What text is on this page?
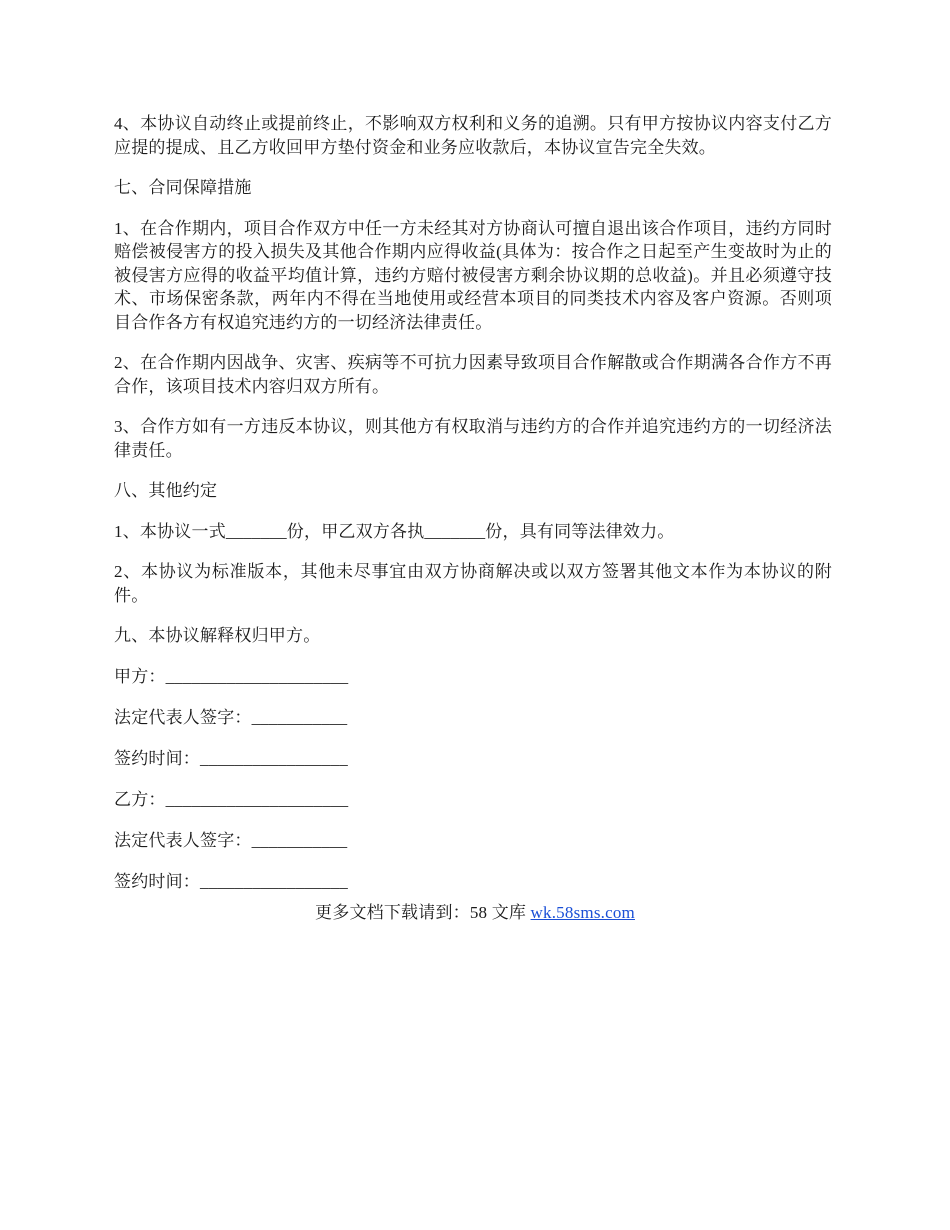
4、本协议自动终止或提前终止，不影响双方权利和义务的追溯。只有甲方按协议内容支付乙方应提的提成、且乙方收回甲方垫付资金和业务应收款后，本协议宣告完全失效。

七、合同保障措施

1、在合作期内，项目合作双方中任一方未经其对方协商认可擅自退出该合作项目，违约方同时赔偿被侵害方的投入损失及其他合作期内应得收益(具体为：按合作之日起至产生变故时为止的被侵害方应得的收益平均值计算，违约方赔付被侵害方剩余协议期的总收益)。并且必须遵守技术、市场保密条款，两年内不得在当地使用或经营本项目的同类技术内容及客户资源。否则项目合作各方有权追究违约方的一切经济法律责任。

2、在合作期内因战争、灾害、疾病等不可抗力因素导致项目合作解散或合作期满各合作方不再合作，该项目技术内容归双方所有。

3、合作方如有一方违反本协议，则其他方有权取消与违约方的合作并追究违约方的一切经济法律责任。

八、其他约定

1、本协议一式_______份，甲乙双方各执_______份，具有同等法律效力。

2、本协议为标准版本，其他未尽事宜由双方协商解决或以双方签署其他文本作为本协议的附件。

九、本协议解释权归甲方。

甲方：_____________________

法定代表人签字：___________

签约时间：_________________

乙方：_____________________

法定代表人签字：___________

签约时间：_________________

更多文档下载请到：58 文库 wk.58sms.com
